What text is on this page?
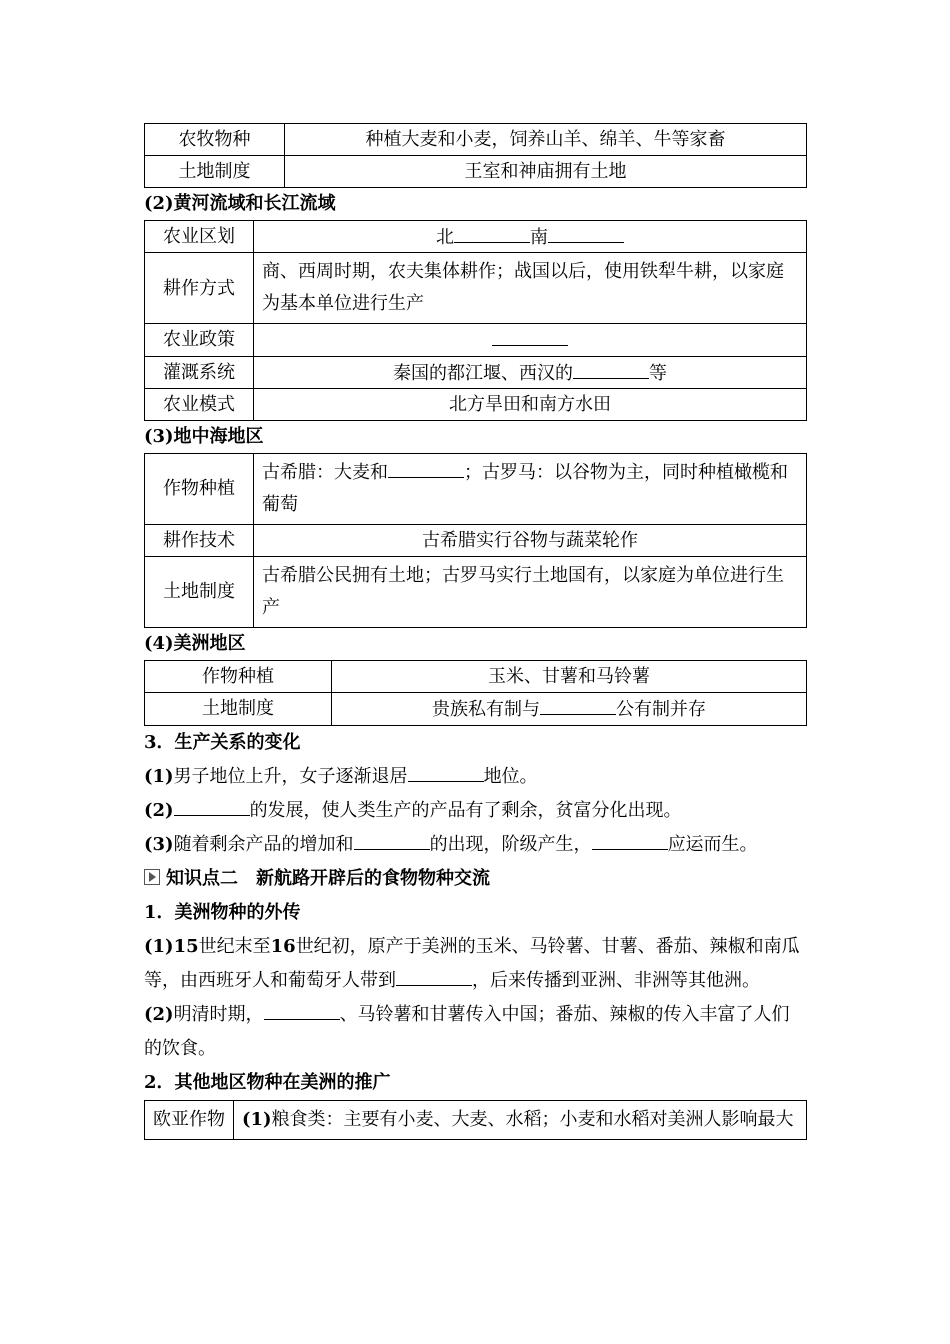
农牧物种	种植大麦和小麦，饲养山羊、绵羊、牛等家畜
土地制度	王室和神庙拥有土地
(2)黄河流域和长江流域
农业区划	北 南
耕作方式	商、西周时期，农夫集体耕作；战国以后，使用铁犁牛耕，以家庭为基本单位进行生产
农业政策	
灌溉系统	秦国的都江堰、西汉的 等
农业模式	北方旱田和南方水田
(3)地中海地区
作物种植	古希腊：大麦和 ；古罗马：以谷物为主，同时种植橄榄和葡萄
耕作技术	古希腊实行谷物与蔬菜轮作
土地制度	古希腊公民拥有土地；古罗马实行土地国有，以家庭为单位进行生产
(4)美洲地区
作物种植	玉米、甘薯和马铃薯
土地制度	贵族私有制与 公有制并存
3．生产关系的变化
(1)男子地位上升，女子逐渐退居	地位。
(2)	的发展，使人类生产的产品有了剩余，贫富分化出现。
(3)随着剩余产品的增加和	的出现，阶级产生，	应运而生。
知识点二　新航路开辟后的食物物种交流
1．美洲物种的外传
(1)15世纪末至16世纪初，原产于美洲的玉米、马铃薯、甘薯、番茄、辣椒和南瓜等，由西班牙人和葡萄牙人带到	，后来传播到亚洲、非洲等其他洲。
(2)明清时期，	、马铃薯和甘薯传入中国；番茄、辣椒的传入丰富了人们的饮食。
2．其他地区物种在美洲的推广
欧亚作物	(1)粮食类：主要有小麦、大麦、水稻；小麦和水稻对美洲人影响最大
